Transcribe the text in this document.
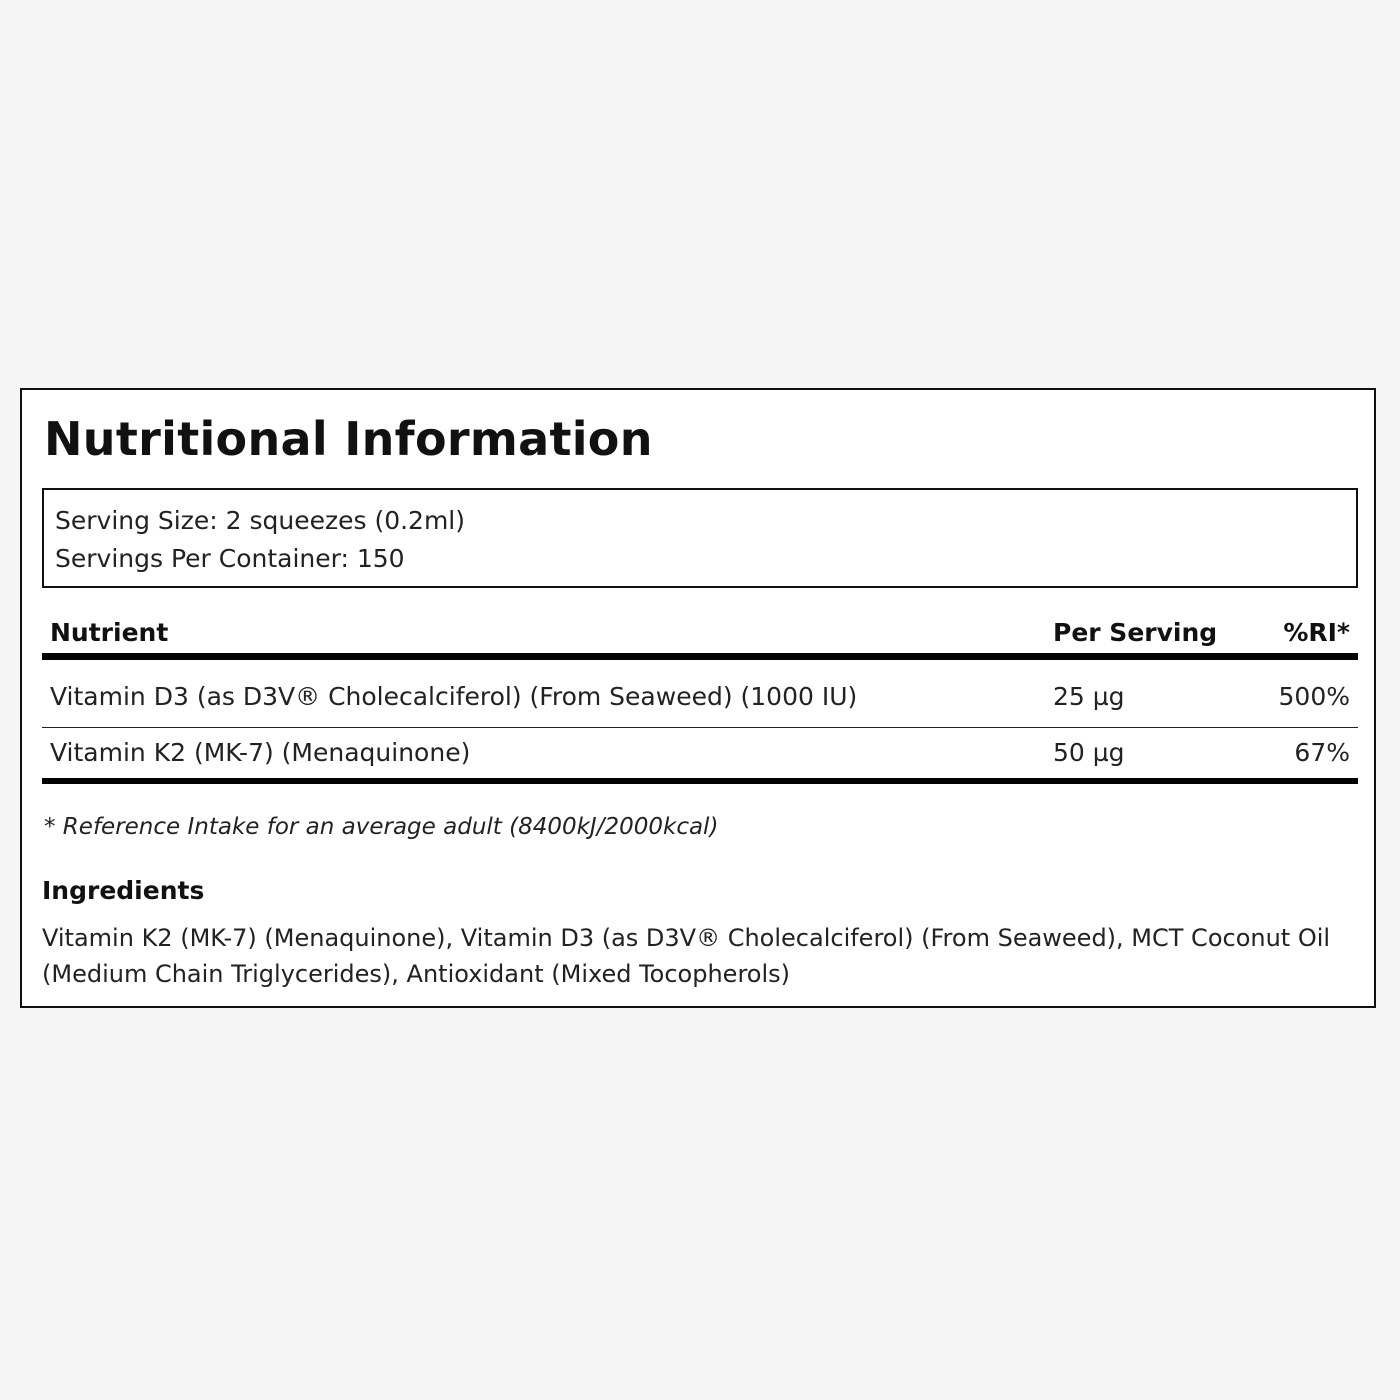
Nutritional Information
Serving Size: 2 squeezes (0.2ml)
Servings Per Container: 150
Nutrient	Per Serving	%RI*
Vitamin D3 (as D3V® Cholecalciferol) (From Seaweed) (1000 IU)	25 µg	500%
Vitamin K2 (MK-7) (Menaquinone)	50 µg	67%
* Reference Intake for an average adult (8400kJ/2000kcal)
Ingredients
Vitamin K2 (MK-7) (Menaquinone), Vitamin D3 (as D3V® Cholecalciferol) (From Seaweed), MCT Coconut Oil (Medium Chain Triglycerides), Antioxidant (Mixed Tocopherols)
